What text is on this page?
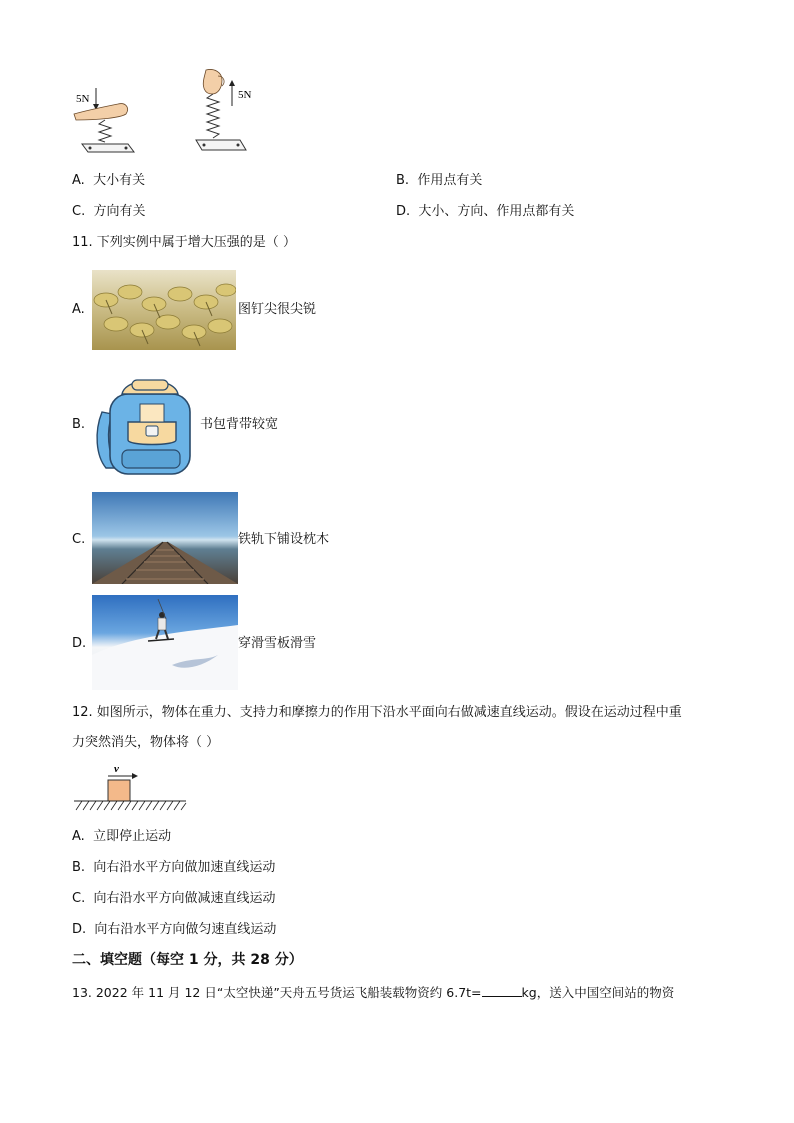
5N	5N
A. 大小有关	B. 作用点有关
C. 方向有关	D. 大小、方向、作用点都有关
11. 下列实例中属于增大压强的是（ ）
A.	图钉尖很尖锐
B.	书包背带较宽
C.	铁轨下铺设枕木
D.	穿滑雪板滑雪
12. 如图所示，物体在重力、支持力和摩擦力的作用下沿水平面向右做减速直线运动。假设在运动过程中重
力突然消失，物体将（ ）
v
A. 立即停止运动
B. 向右沿水平方向做加速直线运动
C. 向右沿水平方向做减速直线运动
D. 向右沿水平方向做匀速直线运动
二、填空题（每空 1 分，共 28 分）
13. 2022 年 11 月 12 日“太空快递”天舟五号货运飞船装载物资约 6.7t=	kg，送入中国空间站的物资
